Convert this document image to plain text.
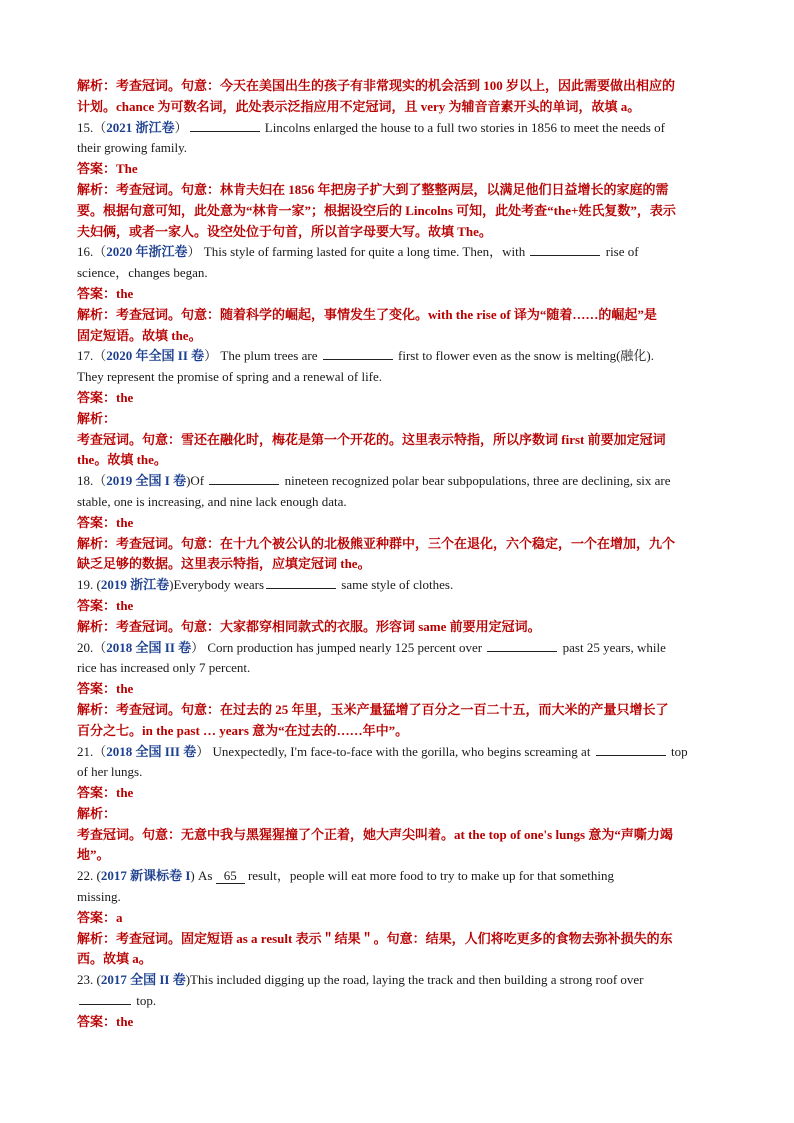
解析：考查冠词。句意：今天在美国出生的孩子有非常现实的机会活到 100 岁以上，因此需要做出相应的

计划。chance 为可数名词，此处表示泛指应用不定冠词，且 very 为辅音音素开头的单词，故填 a。

15.（2021 浙江卷）	Lincolns enlarged the house to a full two stories in 1856 to meet the needs of

their growing family.

答案：The

解析：考查冠词。句意：林肯夫妇在 1856 年把房子扩大到了整整两层，以满足他们日益增长的家庭的需

要。根据句意可知，此处意为“林肯一家”；根据设空后的 Lincolns 可知，此处考查“the+姓氏复数”，表示

夫妇俩，或者一家人。设空处位于句首，所以首字母要大写。故填 The。

16.（2020 年浙江卷） This style of farming lasted for quite a long time. Then，with	rise of

science，changes began.

答案：the

解析：考查冠词。句意：随着科学的崛起，事情发生了变化。with the rise of 译为“随着……的崛起”是

固定短语。故填 the。

17.（2020 年全国 II 卷） The plum trees are	first to flower even as the snow is melting(融化).

They represent the promise of spring and a renewal of life.

答案：the

解析：

考查冠词。句意：雪还在融化时，梅花是第一个开花的。这里表示特指，所以序数词 first 前要加定冠词

the。故填 the。

18.（2019 全国 I 卷)Of	nineteen recognized polar bear subpopulations, three are declining, six are

stable, one is increasing, and nine lack enough data.

答案：the

解析：考查冠词。句意：在十九个被公认的北极熊亚种群中，三个在退化，六个稳定，一个在增加，九个

缺乏足够的数据。这里表示特指，应填定冠词 the。

19. (2019 浙江卷)Everybody wears	same style of clothes.

答案：the

解析：考查冠词。句意：大家都穿相同款式的衣服。形容词 same 前要用定冠词。

20.（2018 全国 II 卷） Corn production has jumped nearly 125 percent over	past 25 years, while

rice has increased only 7 percent.

答案：the

解析：考查冠词。句意：在过去的 25 年里，玉米产量猛增了百分之一百二十五，而大米的产量只增长了

百分之七。in the past … years 意为“在过去的……年中”。

21.（2018 全国 III 卷） Unexpectedly, I'm face-to-face with the gorilla, who begins screaming at	top

of her lungs.

答案：the

解析：

考查冠词。句意：无意中我与黑猩猩撞了个正着，她大声尖叫着。at the top of one's lungs 意为“声嘶力竭

地”。

22. (2017 新课标卷 I) As 65 result，people will eat more food to try to make up for that something

missing.

答案：a

解析：考查冠词。固定短语 as a result 表示＂结果＂。句意：结果，人们将吃更多的食物去弥补损失的东

西。故填 a。

23. (2017 全国 II 卷)This included digging up the road, laying the track and then building a strong roof over

top.

答案：the
